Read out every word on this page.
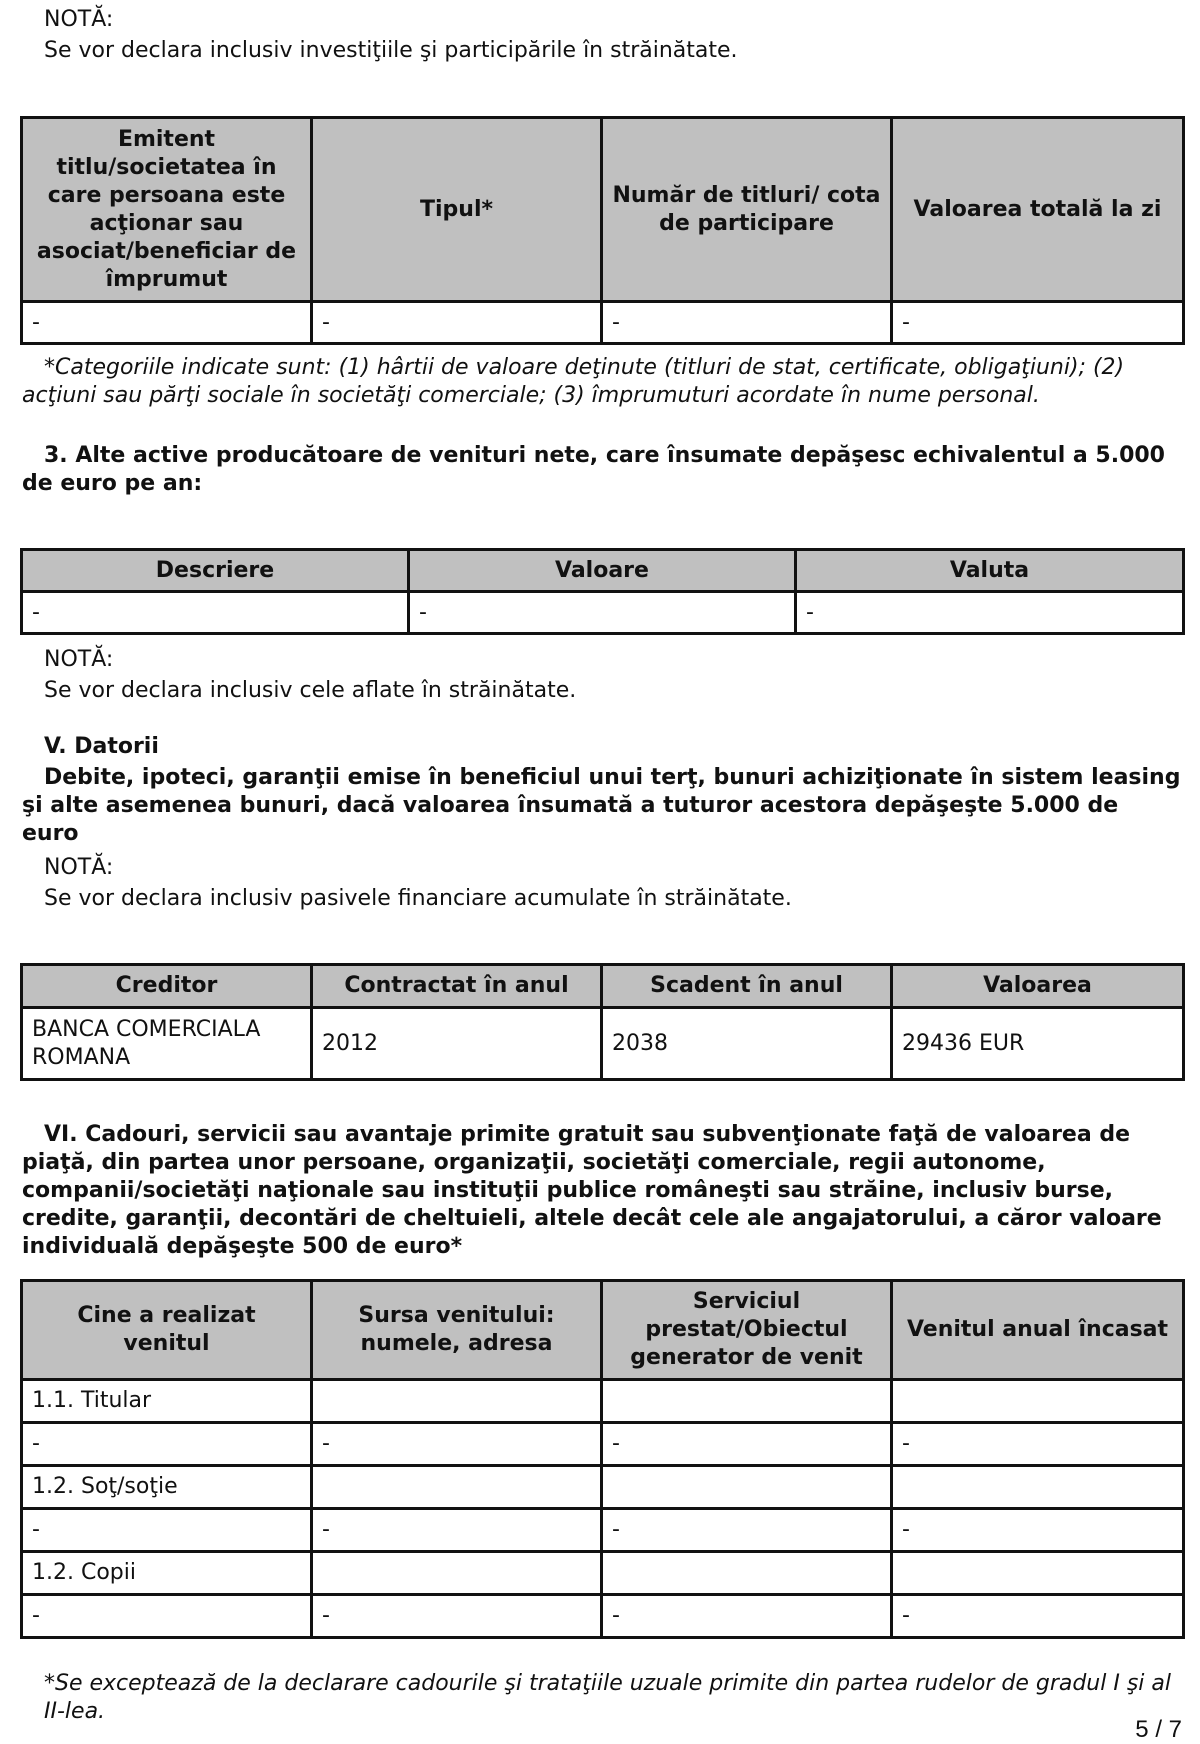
NOTĂ:
Se vor declara inclusiv investiţiile şi participările în străinătate.
Emitent titlu/societatea în care persoana este acţionar sau asociat/beneficiar de împrumut	Tipul*	Număr de titluri/ cota de participare	Valoarea totală la zi
-	-	-	-
*Categoriile indicate sunt: (1) hârtii de valoare deţinute (titluri de stat, certificate, obligaţiuni); (2) acţiuni sau părţi sociale în societăţi comerciale; (3) împrumuturi acordate în nume personal.
3. Alte active producătoare de venituri nete, care însumate depăşesc echivalentul a 5.000 de euro pe an:
Descriere	Valoare	Valuta
-	-	-
NOTĂ:
Se vor declara inclusiv cele aflate în străinătate.
V. Datorii
Debite, ipoteci, garanţii emise în beneficiul unui terţ, bunuri achiziţionate în sistem leasing şi alte asemenea bunuri, dacă valoarea însumată a tuturor acestora depăşeşte 5.000 de euro
NOTĂ:
Se vor declara inclusiv pasivele financiare acumulate în străinătate.
Creditor	Contractat în anul	Scadent în anul	Valoarea
BANCA COMERCIALA ROMANA	2012	2038	29436 EUR
VI. Cadouri, servicii sau avantaje primite gratuit sau subvenţionate faţă de valoarea de piaţă, din partea unor persoane, organizaţii, societăţi comerciale, regii autonome, companii/societăţi naţionale sau instituţii publice româneşti sau străine, inclusiv burse, credite, garanţii, decontări de cheltuieli, altele decât cele ale angajatorului, a căror valoare individuală depăşeşte 500 de euro*
Cine a realizat venitul	Sursa venitului: numele, adresa	Serviciul prestat/Obiectul generator de venit	Venitul anual încasat
1.1. Titular			
-	-	-	-
1.2. Soţ/soţie			
-	-	-	-
1.2. Copii			
-	-	-	-
*Se exceptează de la declarare cadourile şi trataţiile uzuale primite din partea rudelor de gradul I şi al II-lea.
5 / 7
